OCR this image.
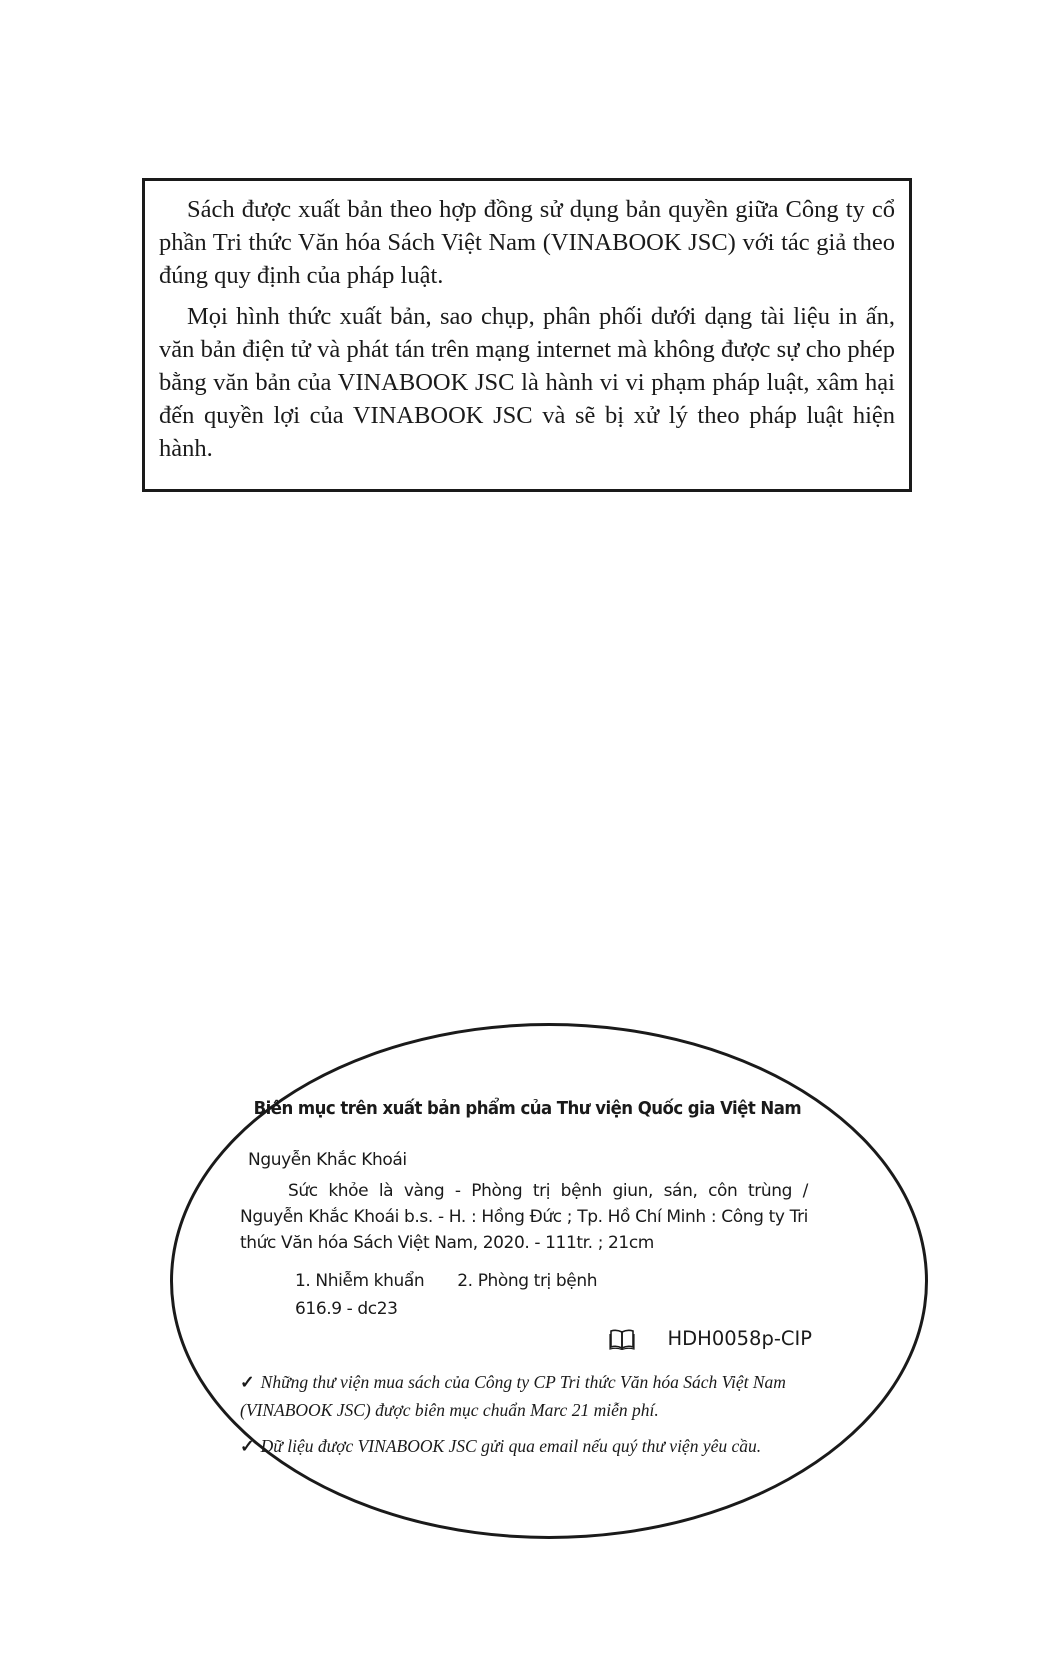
Sách được xuất bản theo hợp đồng sử dụng bản quyền giữa Công ty cổ phần Tri thức Văn hóa Sách Việt Nam (VINABOOK JSC) với tác giả theo đúng quy định của pháp luật.

Mọi hình thức xuất bản, sao chụp, phân phối dưới dạng tài liệu in ấn, văn bản điện tử và phát tán trên mạng internet mà không được sự cho phép bằng văn bản của VINABOOK JSC là hành vi vi phạm pháp luật, xâm hại đến quyền lợi của VINABOOK JSC và sẽ bị xử lý theo pháp luật hiện hành.

Biên mục trên xuất bản phẩm của Thư viện Quốc gia Việt Nam
Nguyễn Khắc Khoái
Sức khỏe là vàng - Phòng trị bệnh giun, sán, côn trùng / Nguyễn Khắc Khoái b.s. - H. : Hồng Đức ; Tp. Hồ Chí Minh : Công ty Tri thức Văn hóa Sách Việt Nam, 2020. - 111tr. ; 21cm
1. Nhiễm khuẩn 2. Phòng trị bệnh
616.9 - dc23
HDH0058p-CIP
✓ Những thư viện mua sách của Công ty CP Tri thức Văn hóa Sách Việt Nam (VINABOOK JSC) được biên mục chuẩn Marc 21 miễn phí.
✓ Dữ liệu được VINABOOK JSC gửi qua email nếu quý thư viện yêu cầu.
